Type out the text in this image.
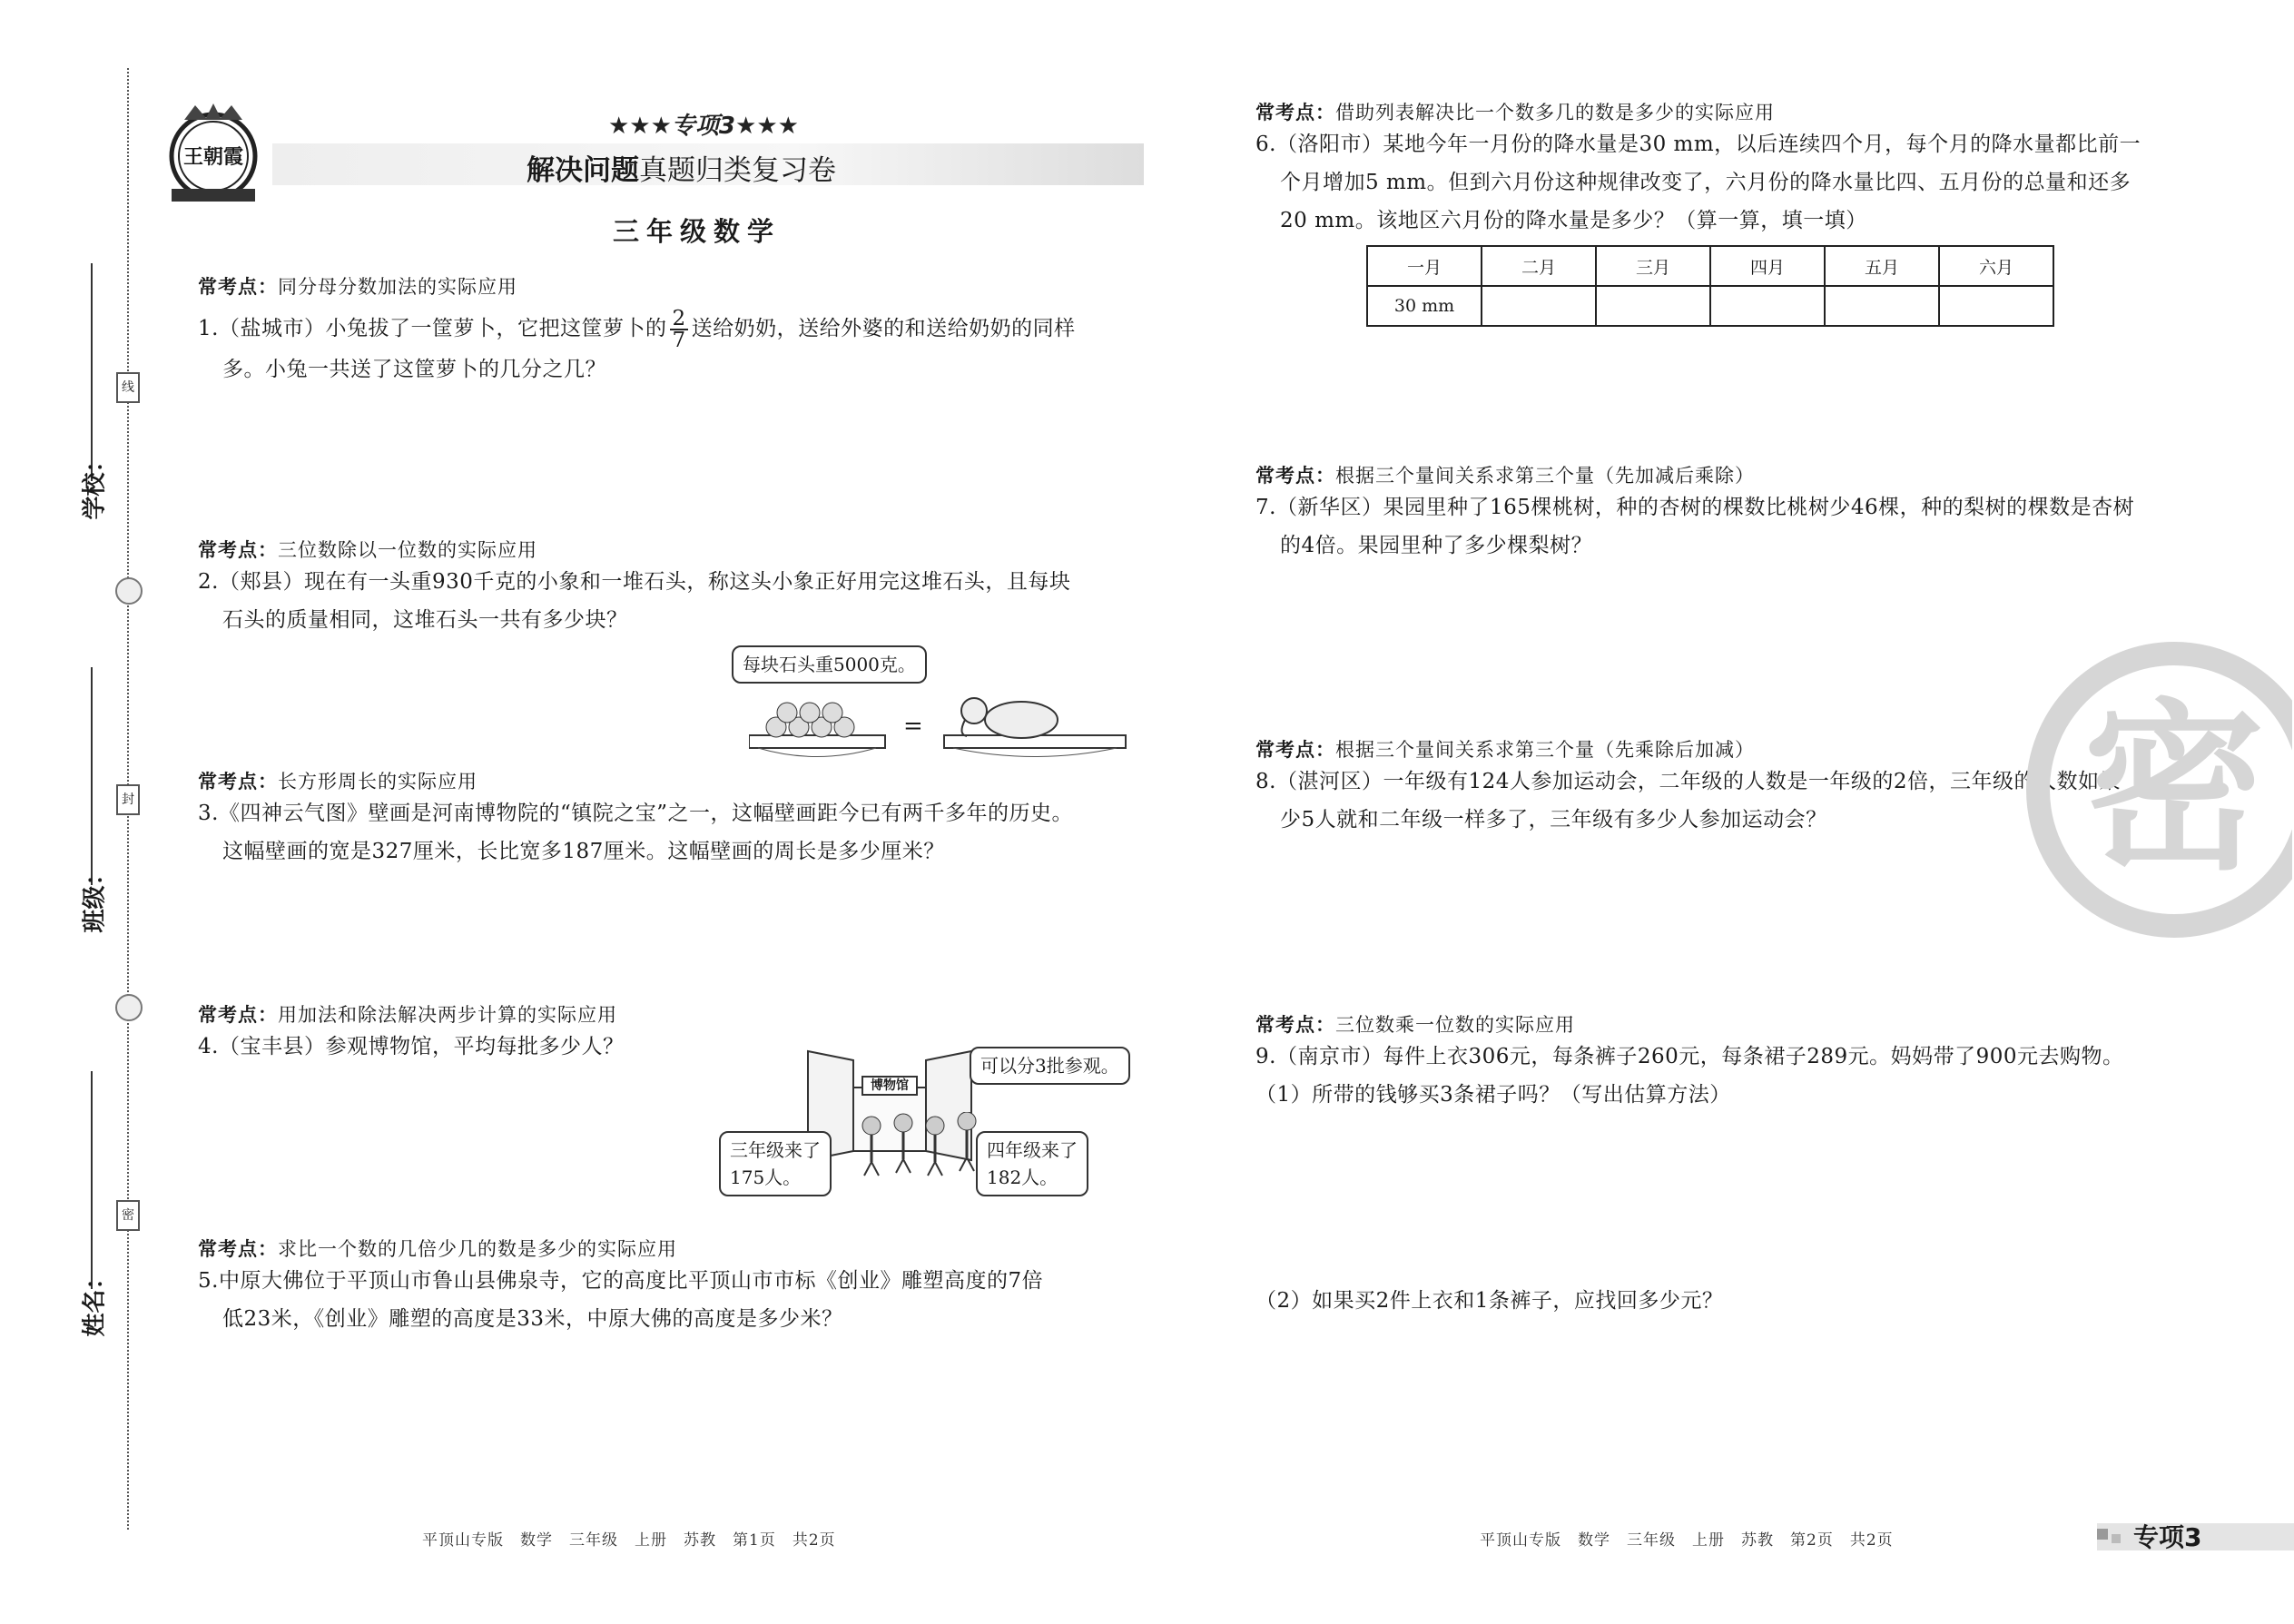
线
封
密
学校：
班级：
姓名：
王朝霞
★★★专项3★★★
解决问题真题归类复习卷
三年级数学
常考点：同分母分数加法的实际应用
1.（盐城市）小兔拔了一筐萝卜，它把这筐萝卜的 $\frac{2}{7}$ 送给奶奶，送给外婆的和送给奶奶的同样
多。小兔一共送了这筐萝卜的几分之几？
常考点：三位数除以一位数的实际应用
2.（郏县）现在有一头重930千克的小象和一堆石头，称这头小象正好用完这堆石头，且每块
石头的质量相同，这堆石头一共有多少块？
每块石头重5000克。
=
常考点：长方形周长的实际应用
3.《四神云气图》壁画是河南博物院的“镇院之宝”之一，这幅壁画距今已有两千多年的历史。
这幅壁画的宽是327厘米，长比宽多187厘米。这幅壁画的周长是多少厘米？
常考点：用加法和除法解决两步计算的实际应用
4.（宝丰县）参观博物馆，平均每批多少人？
博物馆
可以分3批参观。
三年级来了
175人。
四年级来了
182人。
常考点：求比一个数的几倍少几的数是多少的实际应用
5.中原大佛位于平顶山市鲁山县佛泉寺，它的高度比平顶山市市标《创业》雕塑高度的7倍
低23米，《创业》雕塑的高度是33米，中原大佛的高度是多少米？
平顶山专版　数学　三年级　上册　苏教　第1页　共2页
常考点：借助列表解决比一个数多几的数是多少的实际应用
6.（洛阳市）某地今年一月份的降水量是30 mm，以后连续四个月，每个月的降水量都比前一
个月增加5 mm。但到六月份这种规律改变了，六月份的降水量比四、五月份的总量和还多
20 mm。该地区六月份的降水量是多少？（算一算，填一填）
一月	二月	三月	四月	五月	六月
30 mm					
常考点：根据三个量间关系求第三个量（先加减后乘除）
7.（新华区）果园里种了165棵桃树，种的杏树的棵数比桃树少46棵，种的梨树的棵数是杏树
的4倍。果园里种了多少棵梨树？
常考点：根据三个量间关系求第三个量（先乘除后加减）
8.（湛河区）一年级有124人参加运动会，二年级的人数是一年级的2倍，三年级的人数如果
少5人就和二年级一样多了，三年级有多少人参加运动会？
常考点：三位数乘一位数的实际应用
9.（南京市）每件上衣306元，每条裤子260元，每条裙子289元。妈妈带了900元去购物。
（1）所带的钱够买3条裙子吗？（写出估算方法）
（2）如果买2件上衣和1条裤子，应找回多少元？
密
平顶山专版　数学　三年级　上册　苏教　第2页　共2页	专项3
